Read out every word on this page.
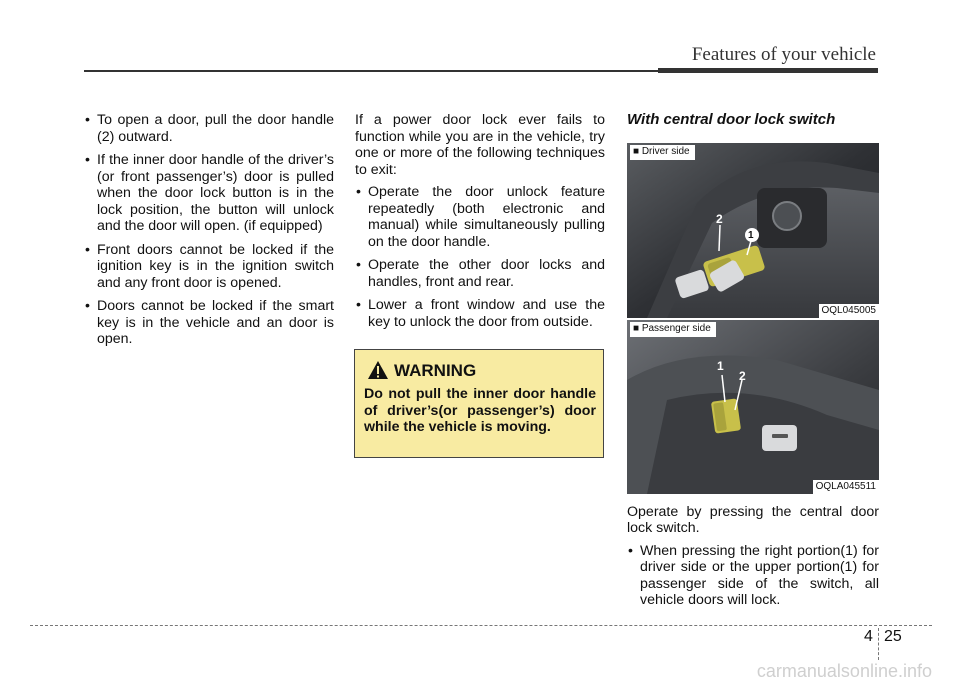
Features of your vehicle
• To open a door, pull the door handle (2) outward.
• If the inner door handle of the driver’s (or front passenger’s) door is pulled when the door lock button is in the lock position, the button will unlock and the door will open. (if equipped)
• Front doors cannot be locked if the ignition key is in the ignition switch and any front door is opened.
• Doors cannot be locked if the smart key is in the vehicle and an door is open.

If a power door lock ever fails to function while you are in the vehicle, try one or more of the following techniques to exit:

• Operate the door unlock feature repeatedly (both electronic and manual) while simultaneously pulling on the door handle.
• Operate the other door locks and handles, front and rear.
• Lower a front window and use the key to unlock the door from outside.
WARNING
Do not pull the inner door handle of driver’s(or passenger’s) door while the vehicle is moving.
With central door lock switch
2
1
■ Driver side
OQL045005
1
2
■ Passenger side
OQLA045511

Operate by pressing the central door lock switch.

• When pressing the right portion(1) for driver side or the upper portion(1) for passenger side of the switch, all vehicle doors will lock.
4 25
carmanualsonline.info
